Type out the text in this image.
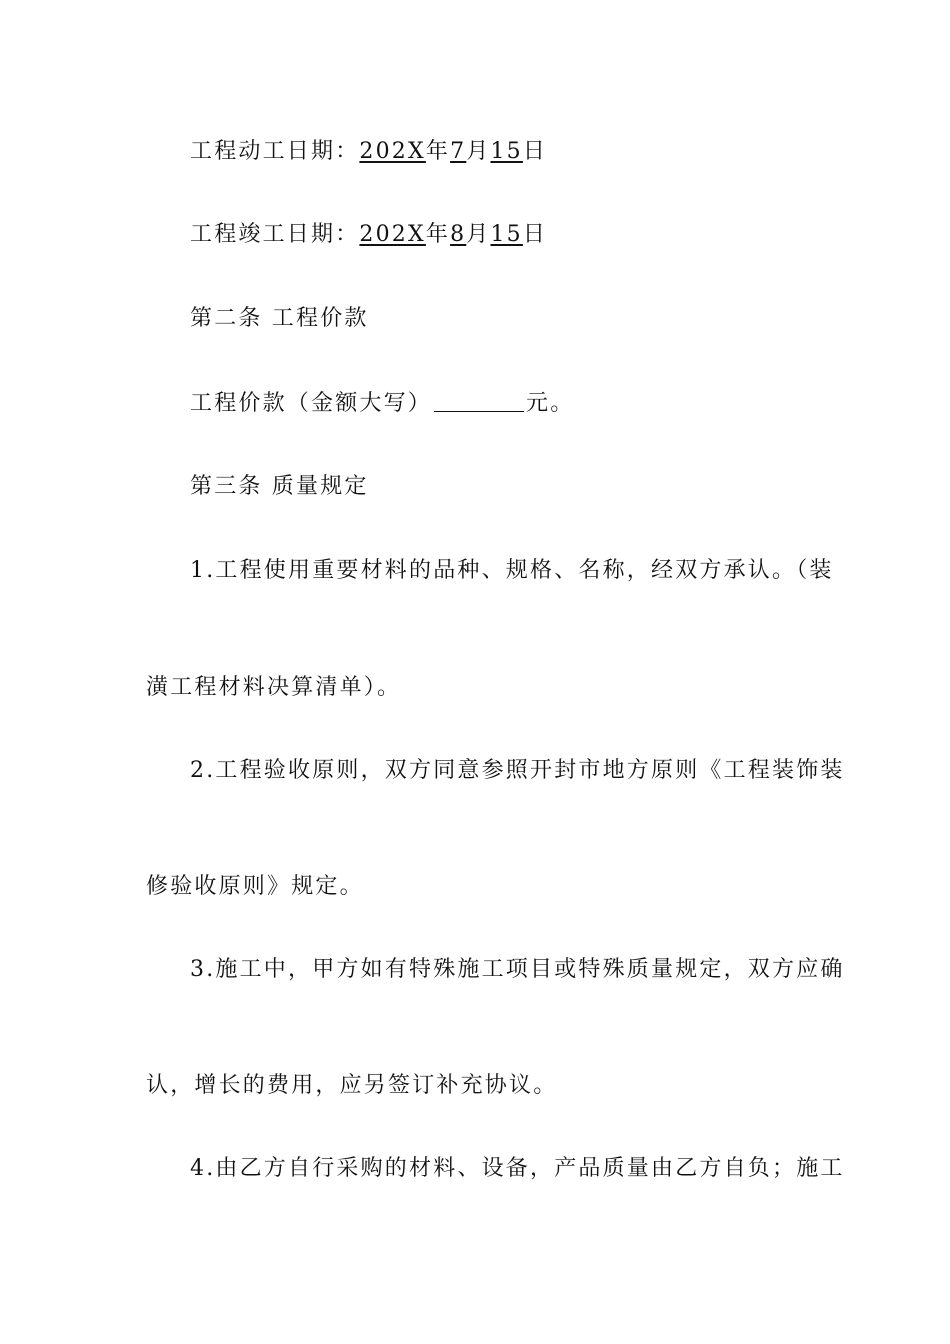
工程动工日期：202X年7月15日
工程竣工日期：202X年8月15日
第二条 工程价款
工程价款（金额大写）	元。
第三条 质量规定
1.工程使用重要材料的品种、规格、名称，经双方承认。（装
潢工程材料决算清单）。
2.工程验收原则，双方同意参照开封市地方原则《工程装饰装
修验收原则》规定。
3.施工中，甲方如有特殊施工项目或特殊质量规定，双方应确
认，增长的费用，应另签订补充协议。
4.由乙方自行采购的材料、设备，产品质量由乙方自负；施工
